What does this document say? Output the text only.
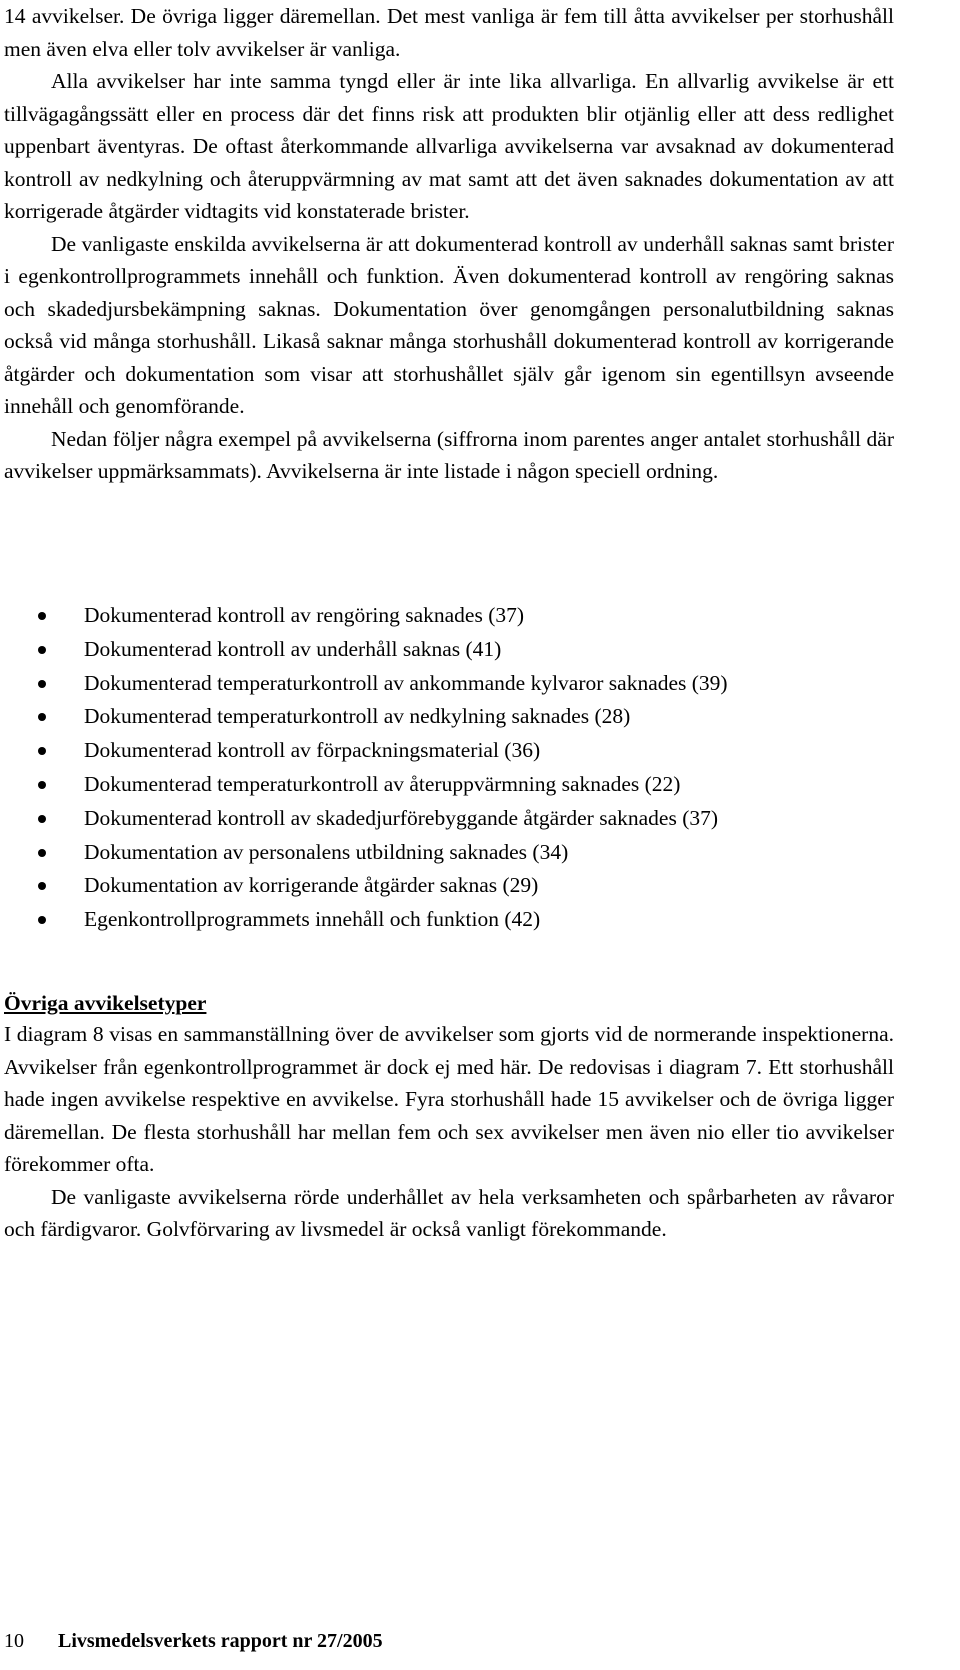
14 avvikelser. De övriga ligger däremellan. Det mest vanliga är fem till åtta avvikelser per storhushåll men även elva eller tolv avvikelser är vanliga.

Alla avvikelser har inte samma tyngd eller är inte lika allvarliga. En allvarlig avvikelse är ett tillvägagångssätt eller en process där det finns risk att produkten blir otjänlig eller att dess redlighet uppenbart äventyras. De oftast återkommande allvarliga avvikelserna var avsaknad av dokumenterad kontroll av nedkylning och återuppvärmning av mat samt att det även saknades dokumentation av att korrigerade åtgärder vidtagits vid konstaterade brister.

De vanligaste enskilda avvikelserna är att dokumenterad kontroll av underhåll saknas samt brister i egenkontrollprogrammets innehåll och funktion. Även dokumenterad kontroll av rengöring saknas och skadedjursbekämpning saknas. Dokumentation över genomgången personalutbildning saknas också vid många storhushåll. Likaså saknar många storhushåll dokumenterad kontroll av korrigerande åtgärder och dokumentation som visar att storhushållet själv går igenom sin egentillsyn avseende innehåll och genomförande.

Nedan följer några exempel på avvikelserna (siffrorna inom parentes anger antalet storhushåll där avvikelser uppmärksammats). Avvikelserna är inte listade i någon speciell ordning.

Dokumenterad kontroll av rengöring saknades (37)
Dokumenterad kontroll av underhåll saknas (41)
Dokumenterad temperaturkontroll av ankommande kylvaror saknades (39)
Dokumenterad temperaturkontroll av nedkylning saknades (28)
Dokumenterad kontroll av förpackningsmaterial (36)
Dokumenterad temperaturkontroll av återuppvärmning saknades (22)
Dokumenterad kontroll av skadedjurförebyggande åtgärder saknades (37)
Dokumentation av personalens utbildning saknades (34)
Dokumentation av korrigerande åtgärder saknas (29)
Egenkontrollprogrammets innehåll och funktion (42)
Övriga avvikelsetyper

I diagram 8 visas en sammanställning över de avvikelser som gjorts vid de normerande inspektionerna. Avvikelser från egenkontrollprogrammet är dock ej med här. De redovisas i diagram 7. Ett storhushåll hade ingen avvikelse respektive en avvikelse. Fyra storhushåll hade 15 avvikelser och de övriga ligger däremellan. De flesta storhushåll har mellan fem och sex avvikelser men även nio eller tio avvikelser förekommer ofta.

De vanligaste avvikelserna rörde underhållet av hela verksamheten och spårbarheten av råvaror och färdigvaror. Golvförvaring av livsmedel är också vanligt förekommande.

10 Livsmedelsverkets rapport nr 27/2005
